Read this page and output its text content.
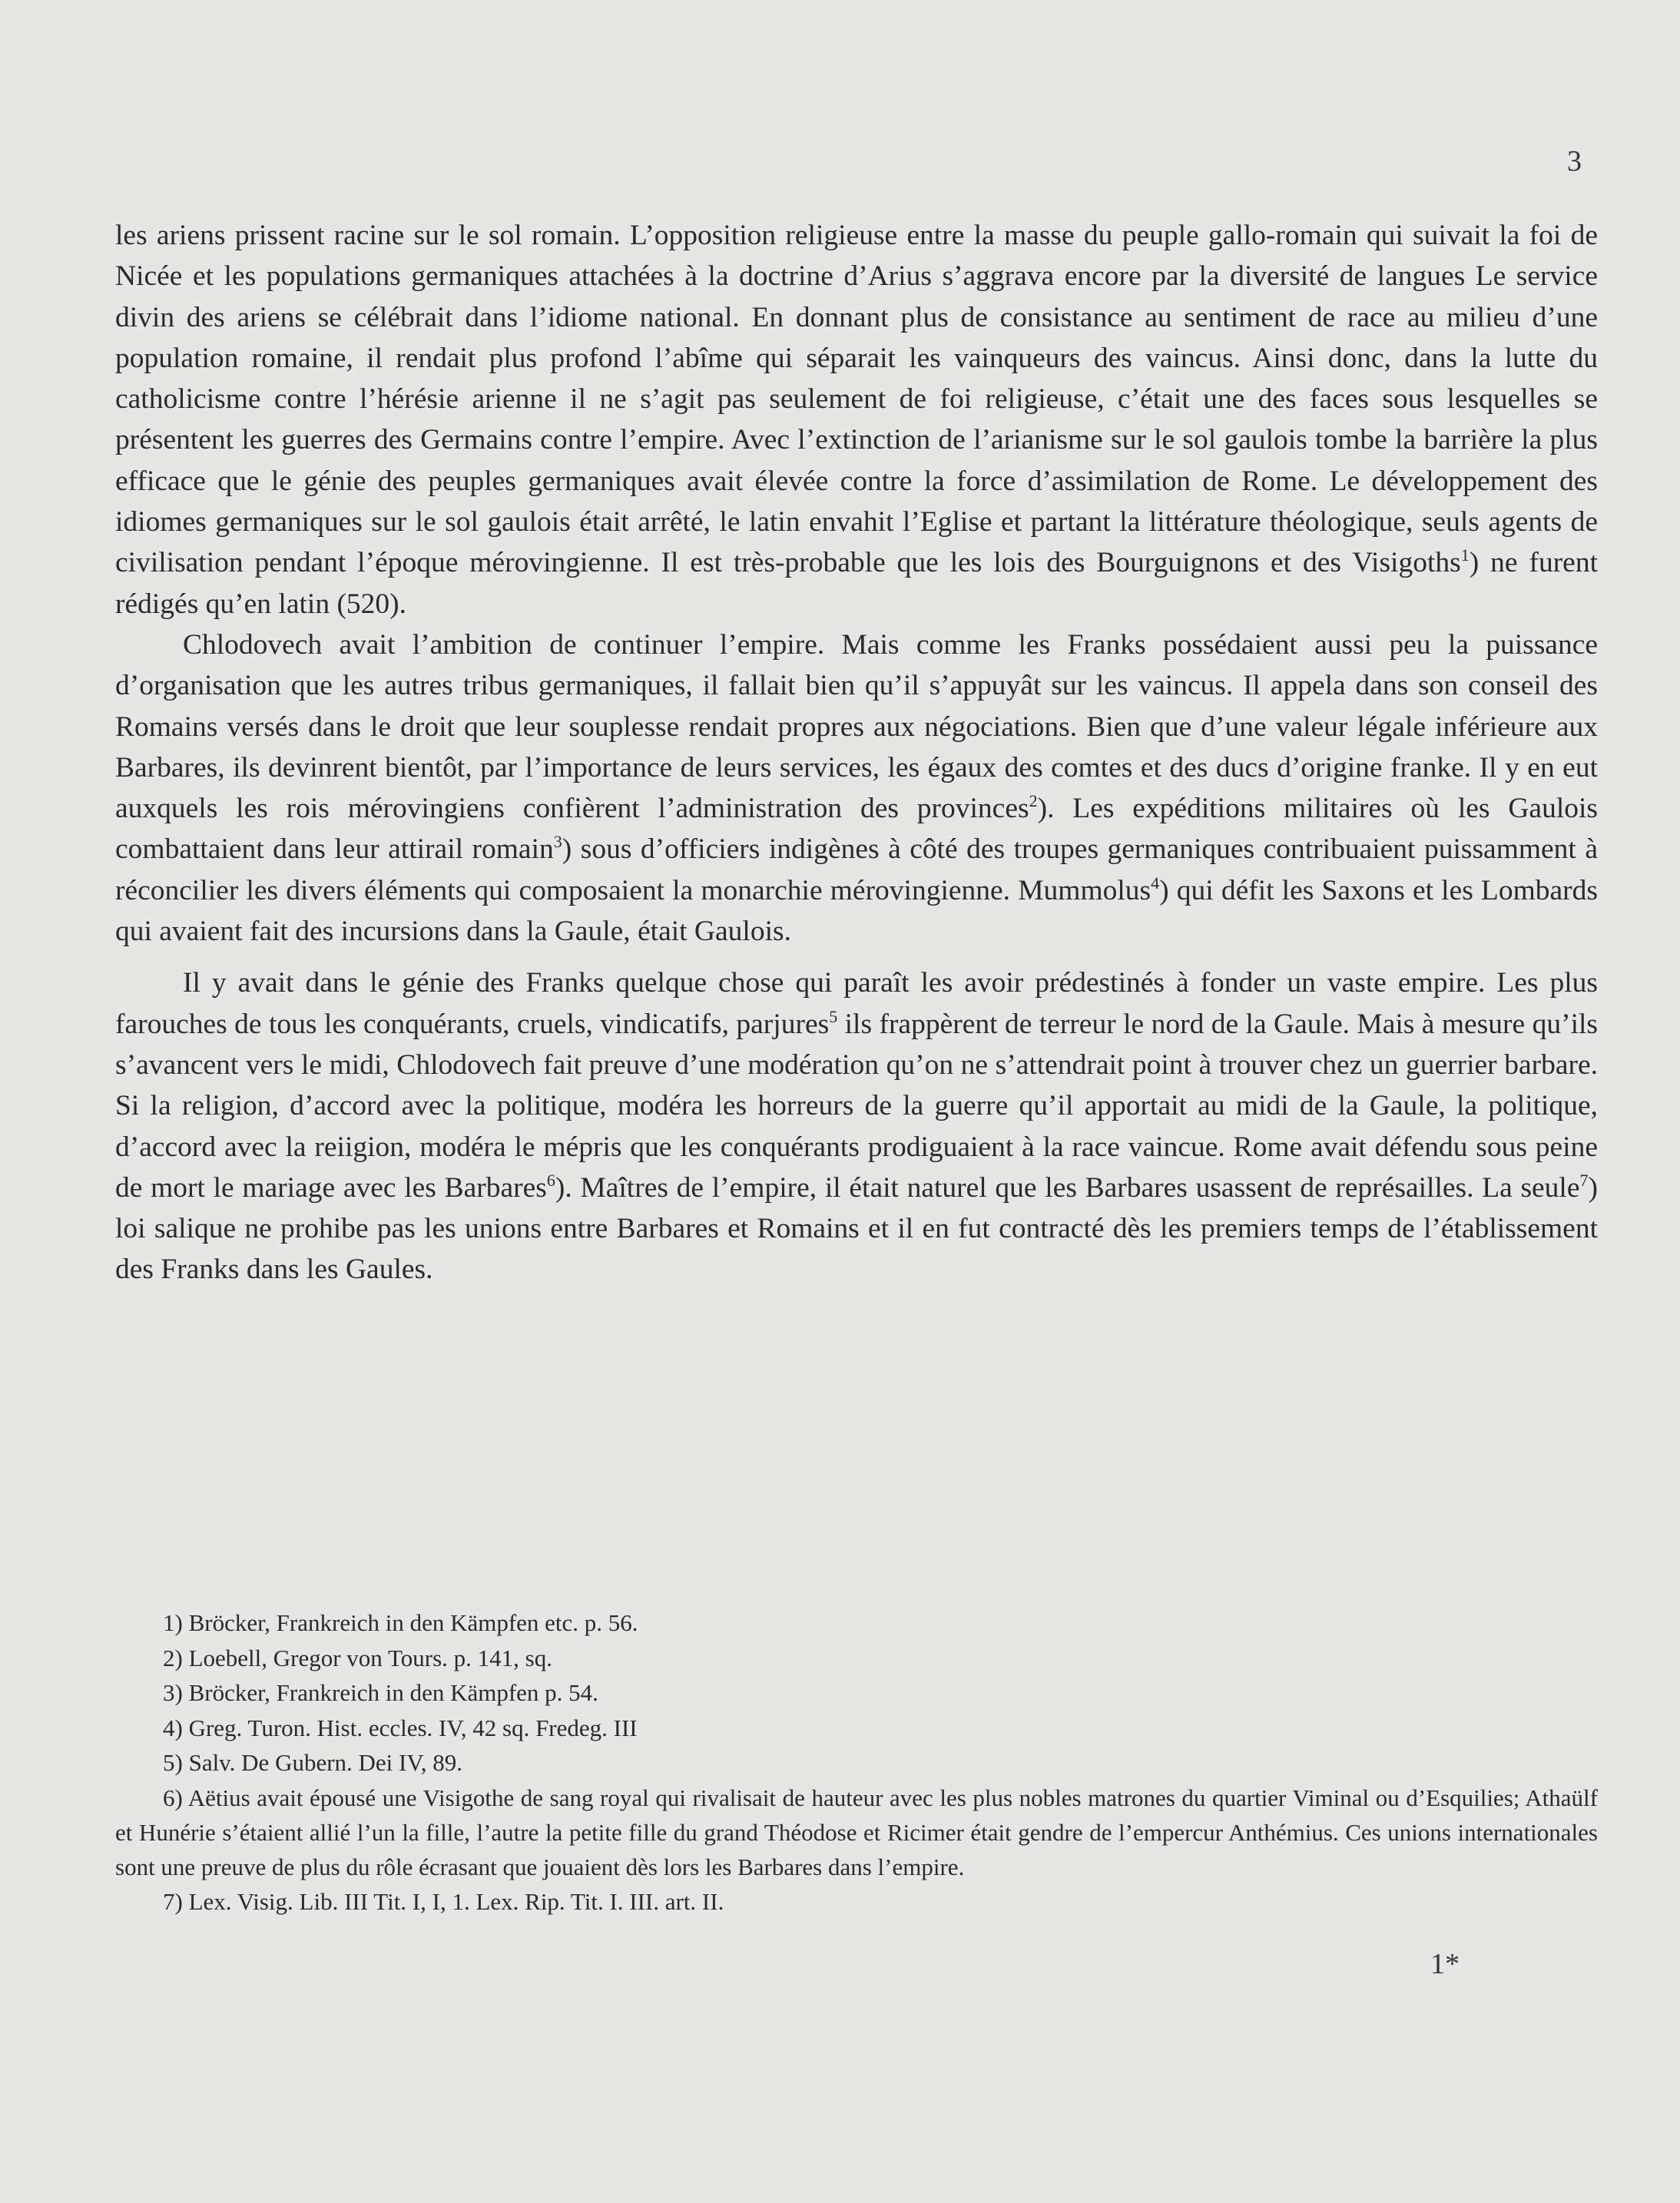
3

les ariens prissent racine sur le sol romain. L’opposition religieuse entre la masse du peuple gallo-romain qui suivait la foi de Nicée et les populations germaniques attachées à la doctrine d’Arius s’aggrava encore par la diversité de langues Le service divin des ariens se célébrait dans l’idiome national. En donnant plus de consistance au sentiment de race au milieu d’une population romaine, il rendait plus profond l’abîme qui séparait les vainqueurs des vaincus. Ainsi donc, dans la lutte du catholicisme contre l’hérésie arienne il ne s’agit pas seulement de foi religieuse, c’était une des faces sous lesquelles se présentent les guerres des Germains contre l’empire. Avec l’extinction de l’arianisme sur le sol gaulois tombe la barrière la plus efficace que le génie des peuples germaniques avait élevée contre la force d’assimilation de Rome. Le développement des idiomes germaniques sur le sol gaulois était arrêté, le latin envahit l’Eglise et partant la littérature théologique, seuls agents de civilisation pendant l’époque mérovingienne. Il est très-probable que les lois des Bourguignons et des Visigoths$^1$) ne furent rédigés qu’en latin (520).

Chlodovech avait l’ambition de continuer l’empire. Mais comme les Franks possédaient aussi peu la puissance d’organisation que les autres tribus germaniques, il fallait bien qu’il s’appuyât sur les vaincus. Il appela dans son conseil des Romains versés dans le droit que leur souplesse rendait propres aux négociations. Bien que d’une valeur légale inférieure aux Barbares, ils devinrent bientôt, par l’importance de leurs services, les égaux des comtes et des ducs d’origine franke. Il y en eut auxquels les rois mérovingiens confièrent l’administration des provinces$^2$). Les expéditions militaires où les Gaulois combattaient dans leur attirail romain$^3$) sous d’officiers indigènes à côté des troupes germaniques contribuaient puissamment à réconcilier les divers éléments qui composaient la monarchie mérovingienne. Mummolus$^4$) qui défit les Saxons et les Lombards qui avaient fait des incursions dans la Gaule, était Gaulois.

Il y avait dans le génie des Franks quelque chose qui paraît les avoir prédestinés à fonder un vaste empire. Les plus farouches de tous les conquérants, cruels, vindicatifs, parjures$^5$ ils frappèrent de terreur le nord de la Gaule. Mais à mesure qu’ils s’avancent vers le midi, Chlodovech fait preuve d’une modération qu’on ne s’attendrait point à trouver chez un guerrier barbare. Si la religion, d’accord avec la politique, modéra les horreurs de la guerre qu’il apportait au midi de la Gaule, la politique, d’accord avec la reiigion, modéra le mépris que les conquérants prodiguaient à la race vaincue. Rome avait défendu sous peine de mort le mariage avec les Barbares$^6$). Maîtres de l’empire, il était naturel que les Barbares usassent de représailles. La seule$^7$) loi salique ne prohibe pas les unions entre Barbares et Romains et il en fut contracté dès les premiers temps de l’établissement des Franks dans les Gaules.

1) Bröcker, Frankreich in den Kämpfen etc. p. 56.

2) Loebell, Gregor von Tours. p. 141, sq.

3) Bröcker, Frankreich in den Kämpfen p. 54.

4) Greg. Turon. Hist. eccles. IV, 42 sq. Fredeg. III

5) Salv. De Gubern. Dei IV, 89.

6) Aëtius avait épousé une Visigothe de sang royal qui rivalisait de hauteur avec les plus nobles matrones du quartier Viminal ou d’Esquilies; Athaülf et Hunérie s’étaient allié l’un la fille, l’autre la petite fille du grand Théodose et Ricimer était gendre de l’empercur Anthémius. Ces unions internationales sont une preuve de plus du rôle écrasant que jouaient dès lors les Barbares dans l’empire.

7) Lex. Visig. Lib. III Tit. I, I, 1. Lex. Rip. Tit. I. III. art. II.

1*
